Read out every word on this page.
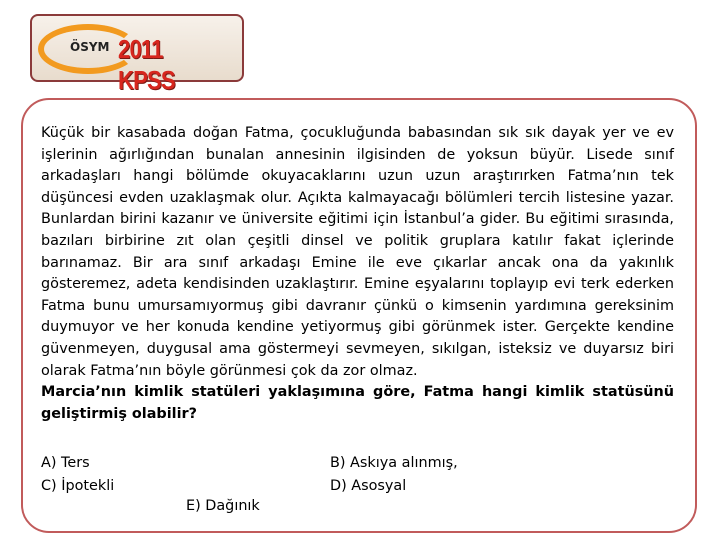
ÖSYM 2011 KPSS

Küçük bir kasabada doğan Fatma, çocukluğunda babasından sık sık dayak yer ve ev işlerinin ağırlığından bunalan annesinin ilgisinden de yoksun büyür. Lisede sınıf arkadaşları hangi bölümde okuyacaklarını uzun uzun araştırırken Fatma’nın tek düşüncesi evden uzaklaşmak olur. Açıkta kalmayacağı bölümleri tercih listesine yazar. Bunlardan birini kazanır ve üniversite eğitimi için İstanbul’a gider. Bu eğitimi sırasında, bazıları birbirine zıt olan çeşitli dinsel ve politik gruplara katılır fakat içlerinde barınamaz. Bir ara sınıf arkadaşı Emine ile eve çıkarlar ancak ona da yakınlık gösteremez, adeta kendisinden uzaklaştırır. Emine eşyalarını toplayıp evi terk ederken Fatma bunu umursamıyormuş gibi davranır çünkü o kimsenin yardımına gereksinim duymuyor ve her konuda kendine yetiyormuş gibi görünmek ister. Gerçekte kendine güvenmeyen, duygusal ama göstermeyi sevmeyen, sıkılgan, isteksiz ve duyarsız biri olarak Fatma’nın böyle görünmesi çok da zor olmaz.

Marcia’nın kimlik statüleri yaklaşımına göre, Fatma hangi kimlik statüsünü geliştirmiş olabilir?

A) Ters
C) İpotekli
B) Askıya alınmış,
D) Asosyal
E) Dağınık
